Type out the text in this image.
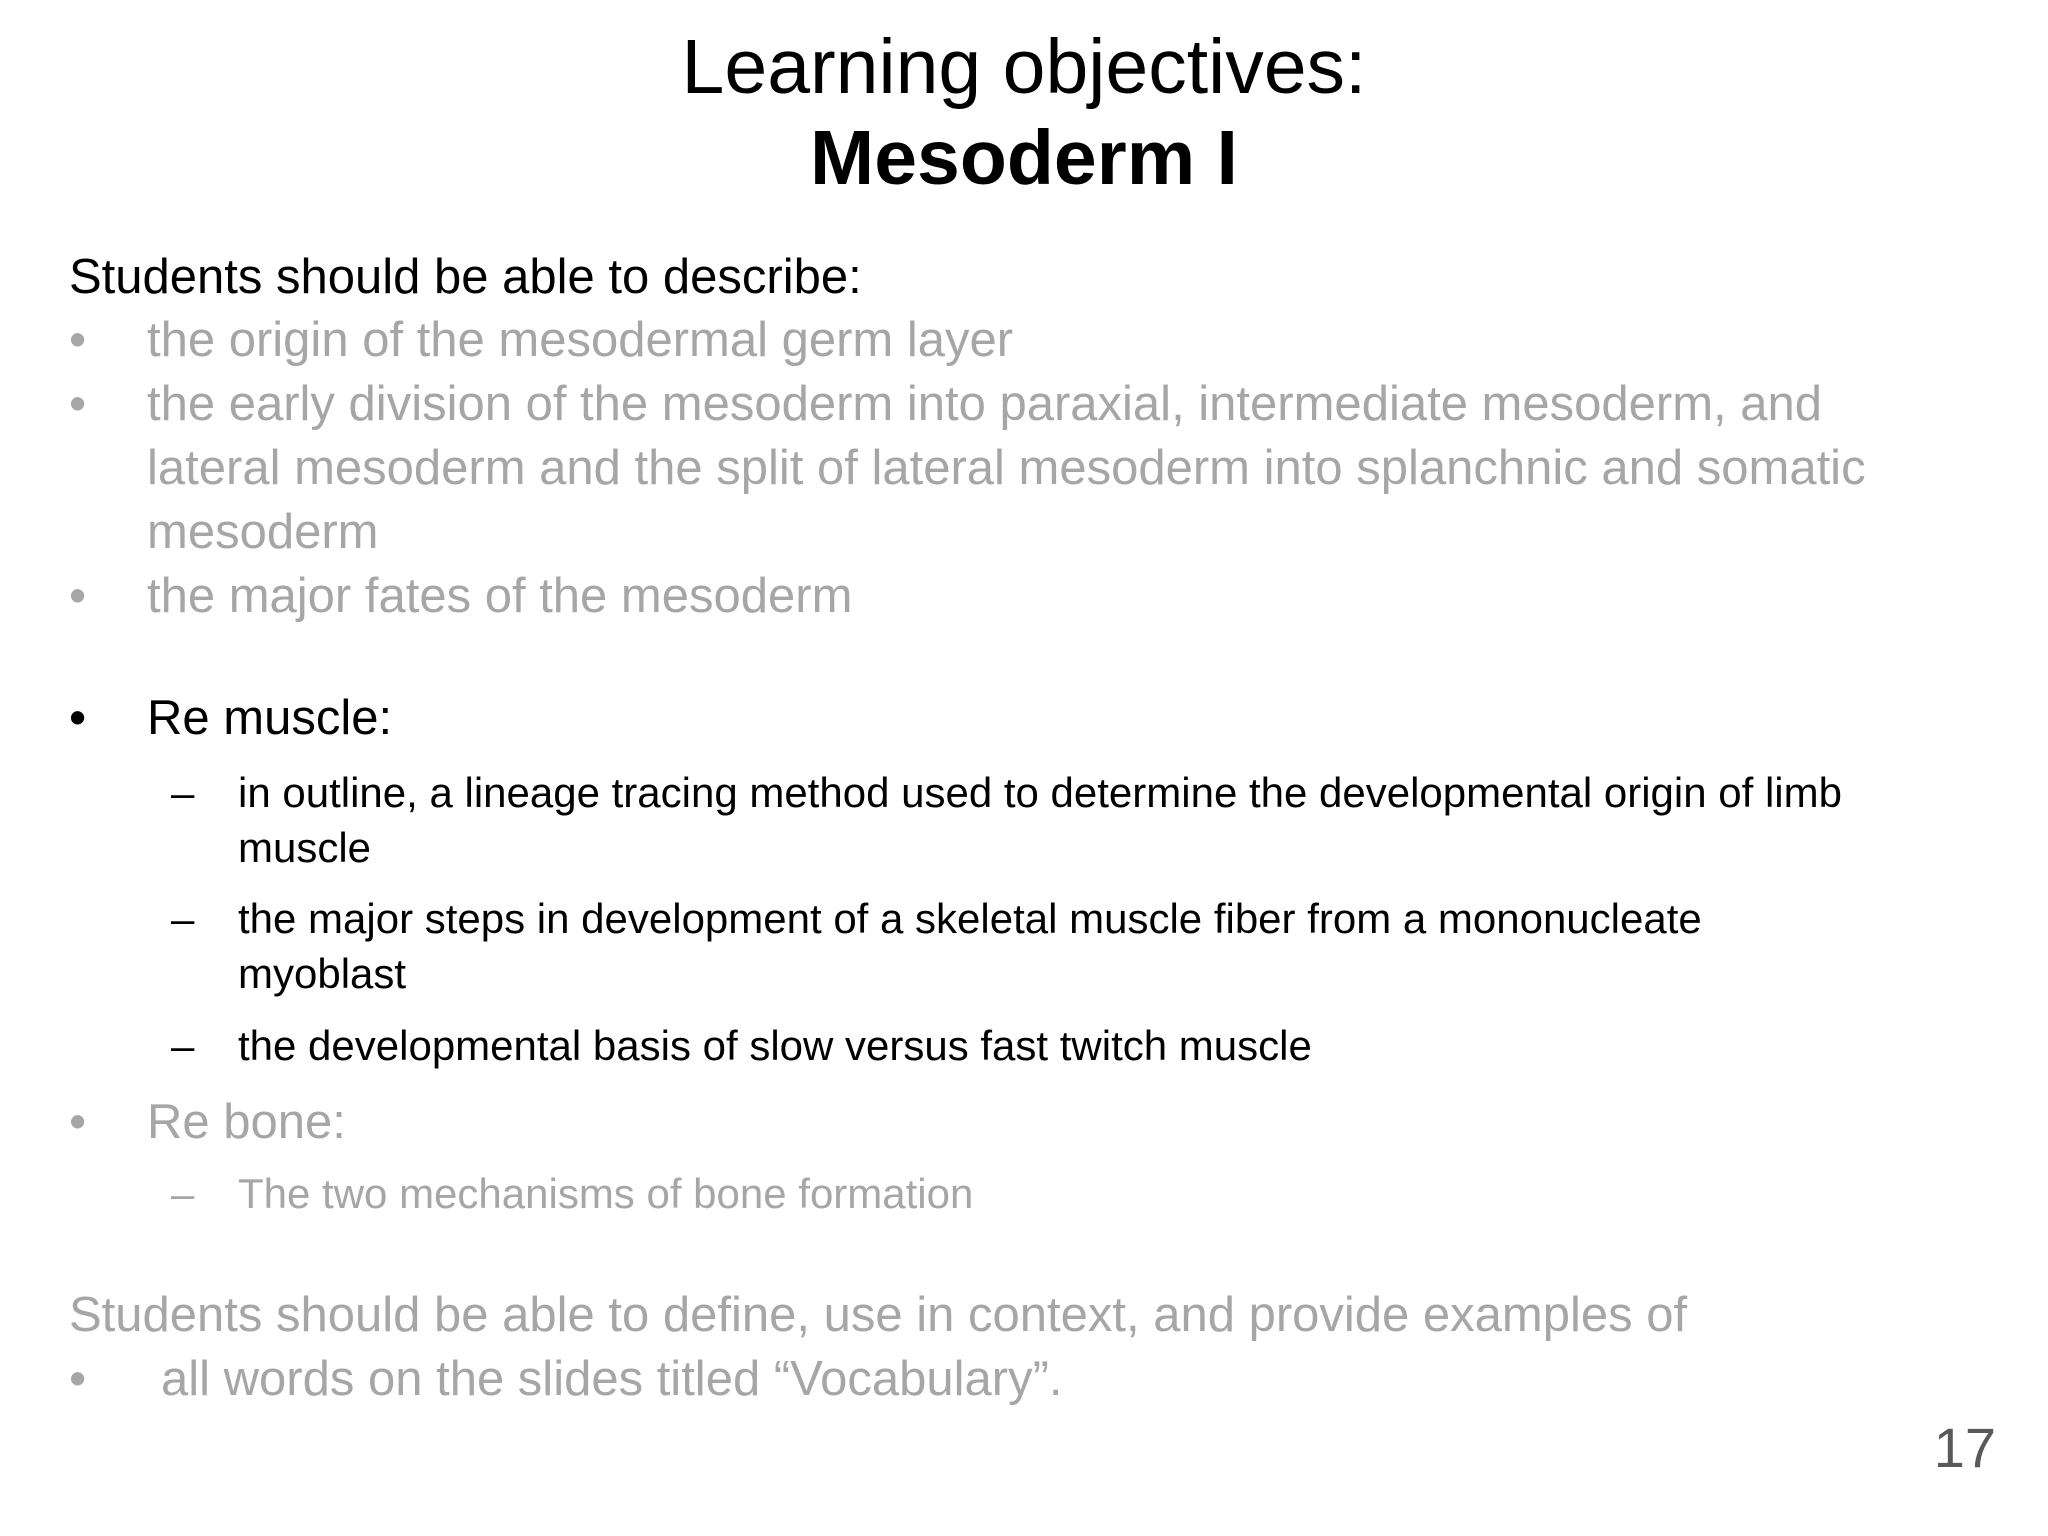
Learning objectives:
Mesoderm I
Students should be able to describe:
• the origin of the mesodermal germ layer
• the early division of the mesoderm into paraxial, intermediate mesoderm, and
lateral mesoderm and the split of lateral mesoderm into splanchnic and somatic
mesoderm
• the major fates of the mesoderm
• Re muscle:
– in outline, a lineage tracing method used to determine the developmental origin of limb
muscle
– the major steps in development of a skeletal muscle fiber from a mononucleate
myoblast
– the developmental basis of slow versus fast twitch muscle
• Re bone:
– The two mechanisms of bone formation
Students should be able to define, use in context, and provide examples of
• all words on the slides titled “Vocabulary”.
17
